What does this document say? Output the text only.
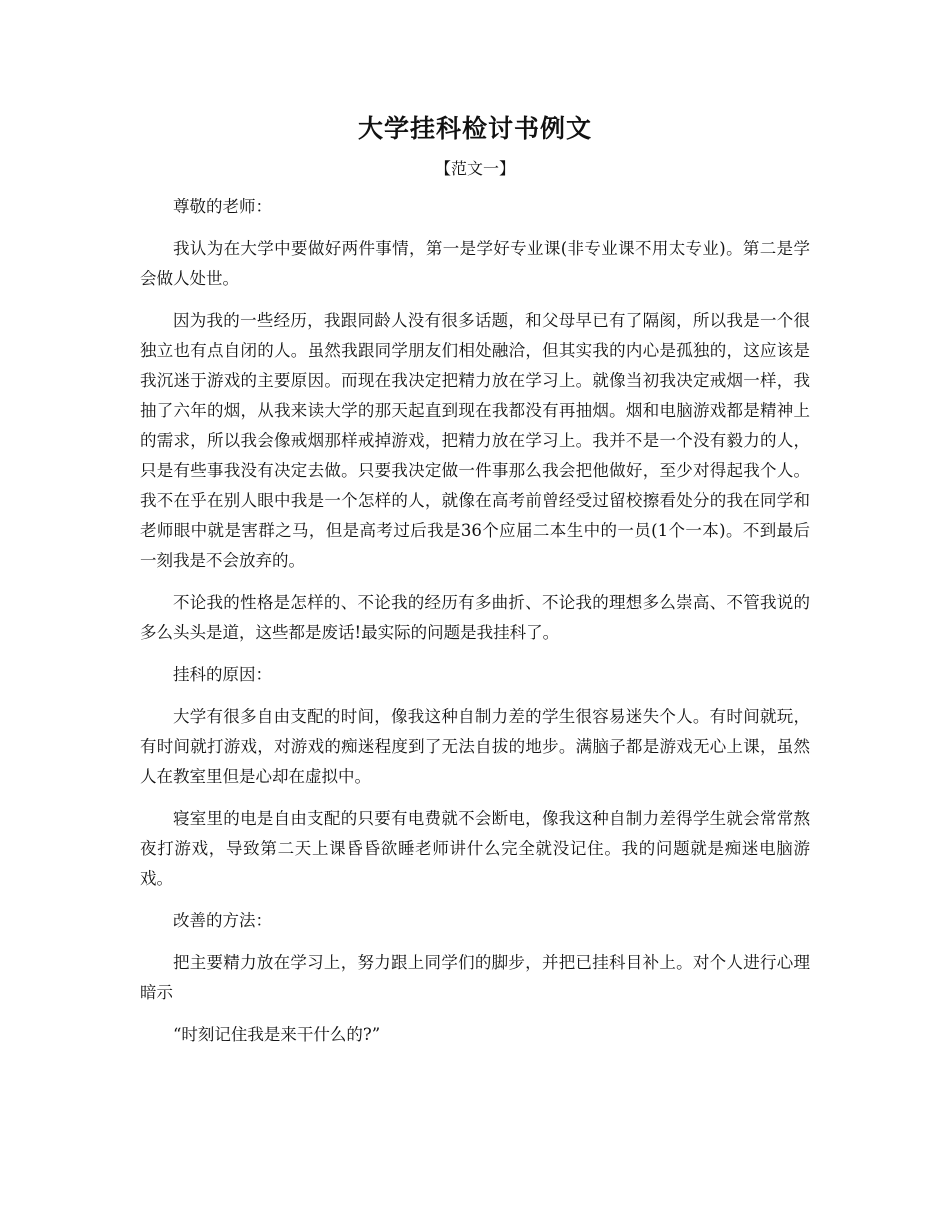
大学挂科检讨书例文
【范文一】

尊敬的老师：

我认为在大学中要做好两件事情，第一是学好专业课(非专业课不用太专业)。第二是学会做人处世。

因为我的一些经历，我跟同龄人没有很多话题，和父母早已有了隔阂，所以我是一个很独立也有点自闭的人。虽然我跟同学朋友们相处融洽，但其实我的内心是孤独的，这应该是我沉迷于游戏的主要原因。而现在我决定把精力放在学习上。就像当初我决定戒烟一样，我抽了六年的烟，从我来读大学的那天起直到现在我都没有再抽烟。烟和电脑游戏都是精神上的需求，所以我会像戒烟那样戒掉游戏，把精力放在学习上。我并不是一个没有毅力的人，只是有些事我没有决定去做。只要我决定做一件事那么我会把他做好，至少对得起我个人。我不在乎在别人眼中我是一个怎样的人，就像在高考前曾经受过留校擦看处分的我在同学和老师眼中就是害群之马，但是高考过后我是36个应届二本生中的一员(1个一本)。不到最后一刻我是不会放弃的。

不论我的性格是怎样的、不论我的经历有多曲折、不论我的理想多么崇高、不管我说的多么头头是道，这些都是废话!最实际的问题是我挂科了。

挂科的原因：

大学有很多自由支配的时间，像我这种自制力差的学生很容易迷失个人。有时间就玩，有时间就打游戏，对游戏的痴迷程度到了无法自拔的地步。满脑子都是游戏无心上课，虽然人在教室里但是心却在虚拟中。

寝室里的电是自由支配的只要有电费就不会断电，像我这种自制力差得学生就会常常熬夜打游戏，导致第二天上课昏昏欲睡老师讲什么完全就没记住。我的问题就是痴迷电脑游戏。

改善的方法：

把主要精力放在学习上，努力跟上同学们的脚步，并把已挂科目补上。对个人进行心理暗示

“时刻记住我是来干什么的?”
